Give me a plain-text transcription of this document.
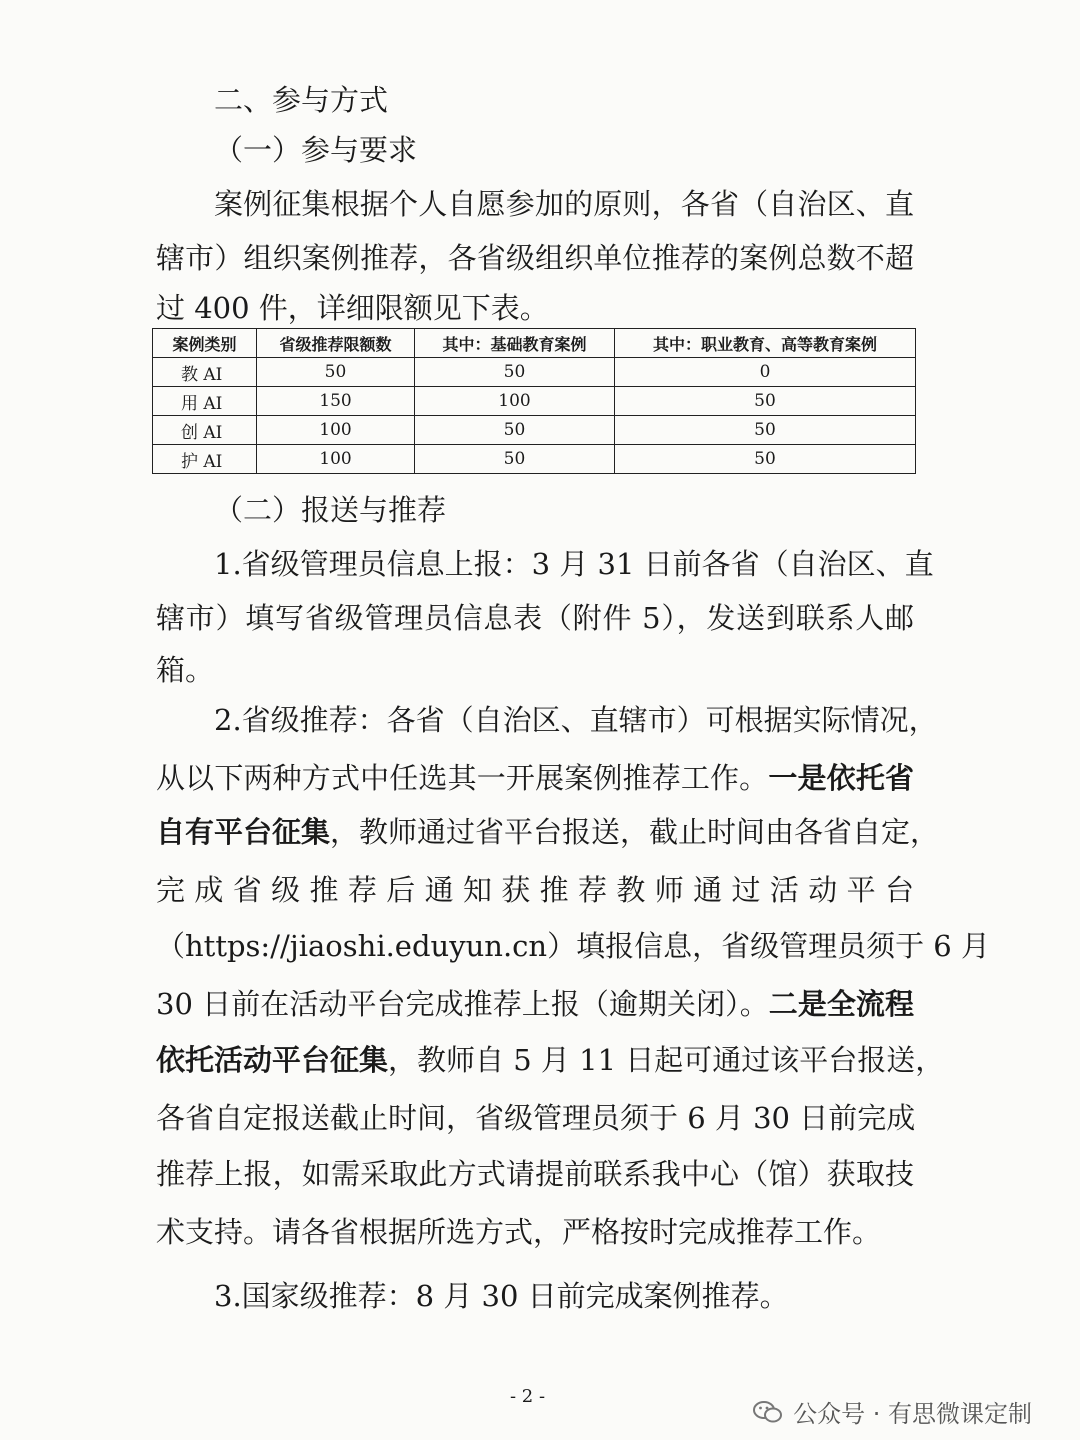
二、参与方式
（一）参与要求
案例征集根据个人自愿参加的原则，各省（自治区、直
辖市）组织案例推荐，各省级组织单位推荐的案例总数不超
过 400 件，详细限额见下表。
案例类别	省级推荐限额数	其中：基础教育案例	其中：职业教育、高等教育案例
教 AI	50	50	0
用 AI	150	100	50
创 AI	100	50	50
护 AI	100	50	50
（二）报送与推荐
1.省级管理员信息上报：3 月 31 日前各省（自治区、直
辖市）填写省级管理员信息表（附件 5），发送到联系人邮
箱。
2.省级推荐：各省（自治区、直辖市）可根据实际情况，
从以下两种方式中任选其一开展案例推荐工作。一是依托省
自有平台征集，教师通过省平台报送，截止时间由各省自定，
完成省级推荐后通知获推荐教师通过活动平台
（https://jiaoshi.eduyun.cn）填报信息，省级管理员须于 6 月
30 日前在活动平台完成推荐上报（逾期关闭）。二是全流程
依托活动平台征集，教师自 5 月 11 日起可通过该平台报送，
各省自定报送截止时间，省级管理员须于 6 月 30 日前完成
推荐上报，如需采取此方式请提前联系我中心（馆）获取技
术支持。请各省根据所选方式，严格按时完成推荐工作。
3.国家级推荐：8 月 30 日前完成案例推荐。
- 2 -
公众号 · 有思微课定制
